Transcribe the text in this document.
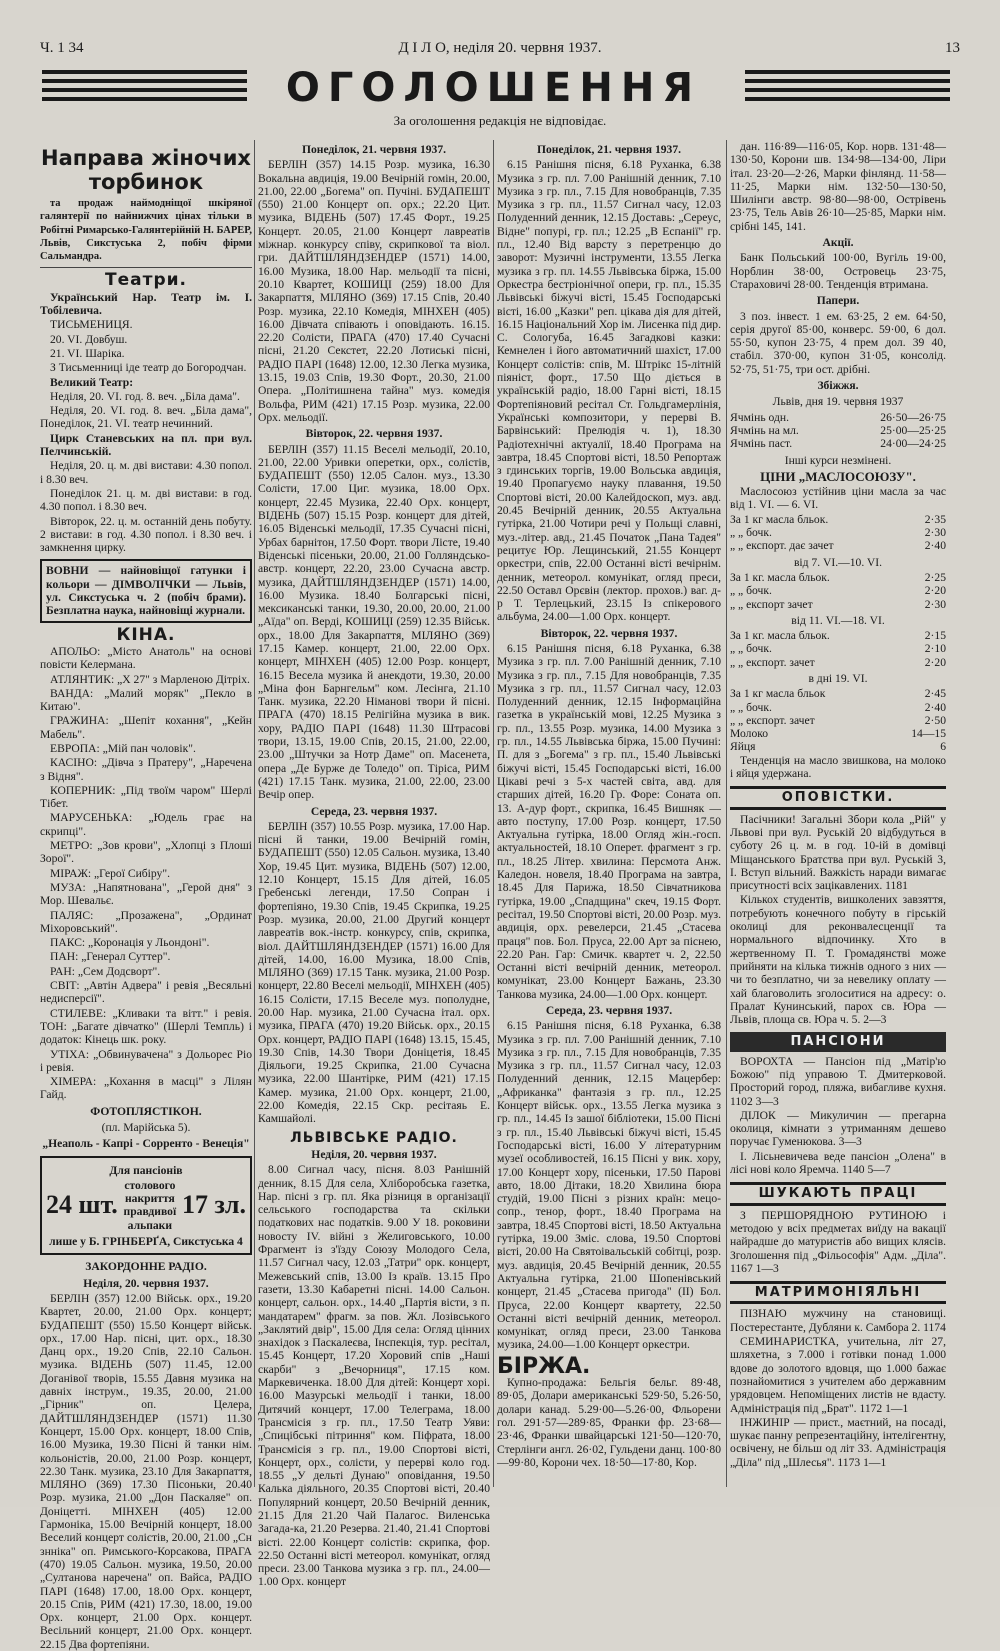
Ч. 1 34	Д І Л О, неділя 20. червня 1937.	13
ОГОЛОШЕННЯ
За оголошення редакція не відповідає.
Направа жіночих торбинок

та продаж наймодніщої шкіряної галянтерії по найнижчих цінах тільки в Робітні Римарсько-Галянтерійній Н. БАРЕР, Львів, Сикстуська 2, побіч фірми Сальмандра.

Театри.

Український Нар. Театр ім. І. Тобілевича.

ТИСЬМЕНИЦЯ.

20. VI. Довбуш.

21. VI. Шаріка.

З Тисьменниці іде театр до Богородчан.

Великий Театр:

Неділя, 20. VI. год. 8. веч. „Біла дама".

Неділя, 20. VI. год. 8. веч. „Біла дама", Понеділок, 21. VI. театр нечинний.

Цирк Станевських на пл. при вул. Пелчинській.

Неділя, 20. ц. м. дві вистави: 4.30 попол. і 8.30 веч.

Понеділок 21. ц. м. дві вистави: в год. 4.30 попол. і 8.30 веч.

Вівторок, 22. ц. м. останній день побуту. 2 вистави: в год. 4.30 попол. і 8.30 веч. і замкнення цирку.

ВОВНИ — найновіщої гатунки і кольори — ДІМВОЛІЧКИ — Львів, ул. Сикстуська ч. 2 (побіч брами). Безплатна наука, найновіщі журнали.
КІНА.

АПОЛЬО: „Місто Анатоль" на основі повісти Келермана.

АТЛЯНТИК: „Х 27" з Марленою Дітріх.

ВАНДА: „Малий моряк" „Пекло в Китаю".

ГРАЖИНА: „Шепіт кохання", „Кейн Мабель".

ЕВРОПА: „Мій пан чоловік".

КАСІНО: „Дівча з Пратеру", „Наречена з Відня".

КОПЕРНИК: „Під твоїм чаром" Шерлі Тібет.

МАРУСЕНЬКА: „Юдель грає на скрипці".

МЕТРО: „Зов крови", „Хлопці з Плоші Зорої".

МІРАЖ: „Герої Сибіру".

МУЗА: „Напятнована", „Герой дня" з Мор. Шевальє.

ПАЛЯС: „Прозажена", „Ординат Міхоровський".

ПАКС: „Коронація у Льондоні".

ПАН: „Генерал Суттер".

РАН: „Сем Додсворт".

СВІТ: „Автін Адвера" і ревія „Весяльні недисперсії".

СТИЛЕВЕ: „Кливаки та вітт." і ревія. ТОН: „Багате дівчатко" (Шерлі Темпль) і додаток: Кінець шк. року.

УТІХА: „Обвинувачена" з Дольорес Ріо і ревія.

ХІМЕРА: „Кохання в масці" з Лілян Гайд.

ФОТОПЛЯСТІКОН.
(пл. Марійська 5).
„Неаполь - Капрі - Сорренто - Венеція"
Для пансіонів
24 шт.
столового накриття правдивої альпаки
17 зл.
лише у Б. ГРІНБЕРҐА, Сикстуська 4
ЗАКОРДОННЕ РАДІО.
Неділя, 20. червня 1937.

БЕРЛІН (357) 12.00 Військ. орх., 19.20 Квартет, 20.00, 21.00 Орх. концерт; БУДАПЕШТ (550) 15.50 Концерт військ. орх., 17.00 Нар. пісні, цит. орх., 18.30 Данц орх., 19.20 Спів, 22.10 Сальон. музика. ВІДЕНЬ (507) 11.45, 12.00 Доганівої творів, 15.55 Давня музика на давніх інструм., 19.35, 20.00, 21.00 „Гірник" оп. Целера, ДАЙТШЛЯНДЗЕНДЕР (1571) 11.30 Концерт, 15.00 Орх. концерт, 18.00 Спів, 16.00 Музика, 19.30 Пісні й танки нім. кольоністів, 20.00, 21.00 Розр. концерт, 22.30 Танк. музика, 23.10 Для Закарпаття, МІЛЯНО (369) 17.30 Пісоньки, 20.40 Розр. музика, 21.00 „Дон Паскаляе" оп. Доніцетті. МІНХЕН (405) 12.00 Гармоніка, 15.00 Вечірній концерт, 18.00 Веселий концерт солістів, 20.00, 21.00 „Сн знніка" оп. Римського-Корсакова, ПРАГА (470) 19.05 Сальон. музика, 19.50, 20.00 „Султанова наречена" оп. Вайса, РАДІО ПАРІ (1648) 17.00, 18.00 Орх. концерт, 20.15 Спів, РИМ (421) 17.30, 18.00, 19.00 Орх. концерт, 21.00 Орх. концерт. Весільний концерт, 21.00 Орх. концерт. 22.15 Два фортепіяни.

Понеділок, 21. червня 1937.

БЕРЛІН (357) 14.15 Розр. музика, 16.30 Вокальна авдиція, 19.00 Вечірній гомін, 20.00, 21.00, 22.00 „Богема" оп. Пучіні. БУДАПЕШТ (550) 21.00 Концерт оп. орх.; 22.20 Цит. музика, ВІДЕНЬ (507) 17.45 Форт., 19.25 Концерт. 20.05, 21.00 Концерт лавреатів міжнар. конкурсу співу, скрипкової та віол. гри. ДАЙТШЛЯНДЗЕНДЕР (1571) 14.00, 16.00 Музика, 18.00 Нар. мельодії та пісні, 20.10 Квартет, КОШИЦІ (259) 18.00 Для Закарпаття, МІЛЯНО (369) 17.15 Спів, 20.40 Розр. музика, 22.10 Комедія, МІНХЕН (405) 16.00 Дівчата співають і оповідають. 16.15. 22.20 Солісти, ПРАГА (470) 17.40 Сучасні пісні, 21.20 Секстет, 22.20 Лотиські пісні, РАДІО ПАРІ (1648) 12.00, 12.30 Легка музика, 13.15, 19.03 Спів, 19.30 Форт., 20.30, 21.00 Опера. „Політишнена тайна" муз. комедія Вольфа, РИМ (421) 17.15 Розр. музика, 22.00 Орх. мельодії.

Вівторок, 22. червня 1937.

БЕРЛІН (357) 11.15 Веселі мельодії, 20.10, 21.00, 22.00 Уривки оперетки, орх., солістів, БУДАПЕШТ (550) 12.05 Салон. муз., 13.30 Солісти, 17.00 Циг. музика, 18.00 Орх. концерт, 22.45 Музика, 22.40 Орх. концерт, ВІДЕНЬ (507) 15.15 Розр. концерт для дітей, 16.05 Віденські мельодії, 17.35 Сучасні пісні, Урбах барнітон, 17.50 Форт. твори Лісте, 19.40 Віденські пісеньки, 20.00, 21.00 Голляндсько-австр. концерт, 22.20, 23.00 Сучасна австр. музика, ДАЙТШЛЯНДЗЕНДЕР (1571) 14.00, 16.00 Музика. 18.40 Болгарські пісні, мексиканські танки, 19.30, 20.00, 20.00, 21.00 „Аїда" оп. Верді, КОШИЦІ (259) 12.35 Військ. орх., 18.00 Для Закарпаття, МІЛЯНО (369) 17.15 Камер. концерт, 21.00, 22.00 Орх. концерт, МІНХЕН (405) 12.00 Розр. концерт, 16.15 Весела музика й анекдоти, 19.30, 20.00 „Міна фон Барнгельм" ком. Лесінга, 21.10 Танк. музика, 22.20 Німанові твори й пісні. ПРАГА (470) 18.15 Релігійна музика в вик. хору, РАДІО ПАРІ (1648) 11.30 Штрасові твори, 13.15, 19.00 Спів, 20.15, 21.00, 22.00, 23.00 „Штучки за Нотр Даме" оп. Масенета, опера „Де Бурже де Толедо" оп. Тіріса, РИМ (421) 17.15 Танк. музика, 21.00, 22.00, 23.00 Вечір опер.

Середа, 23. червня 1937.

БЕРЛІН (357) 10.55 Розр. музика, 17.00 Нар. пісні й танки, 19.00 Вечірній гомін, БУДАПЕШТ (550) 12.05 Сальон. музика, 13.40 Хор, 19.45 Цит. музика, ВІДЕНЬ (507) 12.00, 12.10 Концерт, 15.15 Для дітей, 16.05 Гребенські легенди, 17.50 Сопран і фортепіяно, 19.30 Спів, 19.45 Скрипка, 19.25 Розр. музика, 20.00, 21.00 Другий концерт лавреатів вок.-інстр. конкурсу, спів, скрипка, віол. ДАЙТШЛЯНДЗЕНДЕР (1571) 16.00 Для дітей, 14.00, 16.00 Музика, 18.00 Спів, МІЛЯНО (369) 17.15 Танк. музика, 21.00 Розр. концерт, 22.80 Веселі мельодії, МІНХЕН (405) 16.15 Солісти, 17.15 Веселе муз. пополудне, 20.00 Нар. музика, 21.00 Сучасна італ. орх. музика, ПРАГА (470) 19.20 Військ. орх., 20.15 Орх. концерт, РАДІО ПАРІ (1648) 13.15, 15.45, 19.30 Спів, 14.30 Твори Доніцетія, 18.45 Діяльоги, 19.25 Скрипка, 21.00 Сучасна музика, 22.00 Шантірке, РИМ (421) 17.15 Камер. музика, 21.00 Орх. концерт, 21.00, 22.00 Комедія, 22.15 Скр. ресітаяь Е. Камшайолі.

ЛЬВІВСЬКЕ РАДІО.
Неділя, 20. червня 1937.

8.00 Сигнал часу, пісня. 8.03 Ранішній денник, 8.15 Для села, Хліборобська газетка, Нар. пісні з гр. пл. Яка різниця в організації сельського господарства та скільки податкових нас податків. 9.00 У 18. роковини новосту IV. війні з Желиговського, 10.00 Фрагмент із з'їзду Союзу Молодого Села, 11.57 Сигнал часу, 12.03 „Татри" орк. концерт, Межевський спів, 13.00 Із країв. 13.15 Про газети, 13.30 Кабаретні пісні. 14.00 Сальон. концерт, сальон. орх., 14.40 „Партія вісти, з п. мандатарем" фрагм. за пов. Жл. Лозівського „Заклятий двір", 15.00 Для села: Огляд цінних знахідок з Паскалеєва, Інспекція, тур. ресітал, 15.45 Концерт, 17.20 Хоровий спів „Наші скарби" з „Вечорниця", 17.15 ком. Маркевиченка. 18.00 Для дітей: Концерт хорі. 16.00 Мазурські мельодії і танки, 18.00 Дитячий концерт, 17.00 Телеграма, 18.00 Трансмісія з гр. пл., 17.50 Театр Уяви: „Спицібські пітриння" ком. Піфрата, 18.00 Трансмісія з гр. пл., 19.00 Спортові вісті, Концерт, орх., солісти, у перерві коло год. 18.55 „У дельті Дунаю" оповідання, 19.50 Калька діяльного, 20.35 Спортові вісті, 20.40 Популярний концерт, 20.50 Вечірній денник, 21.15 Для 21.20 Чай Палагос. Виленська Загада-ка, 21.20 Резерва. 21.40, 21.41 Спортові вісті. 22.00 Концерт солістів: скрипка, фор. 22.50 Останні вісті метеорол. комунікат, огляд преси. 23.00 Танкова музика з гр. пл., 24.00—1.00 Орх. концерт

Понеділок, 21. червня 1937.

6.15 Ранішня пісня, 6.18 Руханка, 6.38 Музика з гр. пл. 7.00 Ранішній денник, 7.10 Музика з гр. пл., 7.15 Для новобранців, 7.35 Музика з гр. пл., 11.57 Сигнал часу, 12.03 Полуденний денник, 12.15 Доставь: „Сереус, Відне" попурі, гр. пл.; 12.25 „В Еспанії" гр. пл., 12.40 Від варсту з перетренцю до заворот: Музичні інструменти, 13.55 Легка музика з гр. пл. 14.55 Львівська біржа, 15.00 Оркестра бестріонічної опери, гр. пл., 15.35 Львівські біжучі вісті, 15.45 Господарські вісті, 16.00 „Казки" реп. цікава дія для дітей, 16.15 Національний Хор ім. Лисенка під дир. С. Сологуба, 16.45 Загадкові казки: Кемнелен і його автоматичний шахіст, 17.00 Концерт солістів: спів, М. Штрікс 15-літній піяніст, форт., 17.50 Що діється в українській радіо, 18.00 Гарні вісті, 18.15 Фортепіяновий ресітал Ст. Гольдгамерлінія, Українські композитори, у перерві В. Барвінський: Прелюдія ч. 1), 18.30 Радіотехнічні актуалії, 18.40 Програма на завтра, 18.45 Спортові вісті, 18.50 Репортаж з гдинських торгів, 19.00 Вольська авдиція, 19.40 Пропагуємо науку плавання, 19.50 Спортові вісті, 20.00 Калейдоскоп, муз. авд. 20.45 Вечірній денник, 20.55 Актуальна гутірка, 21.00 Чотири речі у Польщі славні, муз.-літер. авд., 21.45 Початок „Пана Тадея" рецитує Юр. Лещинський, 21.55 Концерт оркестри, спів, 22.00 Останні вісті вечірнім. денник, метеорол. комунікат, огляд преси, 22.50 Оставл Орєвін (лектор. прохов.) ваг. д-р Т. Терлецький, 23.15 Із спікерового альбума, 24.00—1.00 Орх. концерт.

Вівторок, 22. червня 1937.

6.15 Ранішня пісня, 6.18 Руханка, 6.38 Музика з гр. пл. 7.00 Ранішній денник, 7.10 Музика з гр. пл., 7.15 Для новобранців, 7.35 Музика з гр. пл., 11.57 Сигнал часу, 12.03 Полуденний денник, 12.15 Інформаційна газетка в українській мові, 12.25 Музика з гр. пл., 13.55 Розр. музика, 14.00 Музика з гр. пл., 14.55 Львівська біржа, 15.00 Пучині: П. для з „Богема" з гр. пл., 15.40 Львівські біжучі вісті, 15.45 Господарські вісті, 16.00 Цікаві речі з 5-х частей світа, авд. для старших дітей, 16.20 Гр. Форе: Соната оп. 13. А-дур форт., скрипка, 16.45 Вишняк — авто поступу, 17.00 Розр. концерт, 17.50 Актуальна гутірка, 18.00 Огляд жін.-госп. актуальностей, 18.10 Оперет. фрагмент з гр. пл., 18.25 Літер. хвилина: Персмота Анж. Каледон. новеля, 18.40 Програма на завтра, 18.45 Для Парижа, 18.50 Сівчатникова гутірка, 19.00 „Спадщина" скеч, 19.15 Форт. ресітал, 19.50 Спортові вісті, 20.00 Розр. муз. авдиція, орх. ревелерси, 21.45 „Стасева праця" пов. Бол. Пруса, 22.00 Арт за піснею, 22.20 Ран. Гар: Смичк. квартет ч. 2, 22.50 Останні вісті вечірній денник, метеорол. комунікат, 23.00 Концерт Бажань, 23.30 Танкова музика, 24.00—1.00 Орх. концерт.

Середа, 23. червня 1937.

6.15 Ранішня пісня, 6.18 Руханка, 6.38 Музика з гр. пл. 7.00 Ранішній денник, 7.10 Музика з гр. пл., 7.15 Для новобранців, 7.35 Музика з гр. пл., 11.57 Сигнал часу, 12.03 Полуденний денник, 12.15 Мацербер: „Африканка" фантазія з гр. пл., 12.25 Концерт військ. орх., 13.55 Легка музика з гр. пл., 14.45 Із зашої бібліотеки, 15.00 Пісні з гр. пл., 15.40 Львівські біжучі вісті, 15.45 Господарські вісті, 16.00 У літературним музеї особливостей, 16.15 Пісні у вик. хору, 17.00 Концерт хору, пісеньки, 17.50 Парові авто, 18.00 Дітаки, 18.20 Хвилина бюра студій, 19.00 Пісні з різних країн: мецо-сопр., тенор, форт., 18.40 Програма на завтра, 18.45 Спортові вісті, 18.50 Актуальна гутірка, 19.00 Зміс. слова, 19.50 Спортові вісті, 20.00 На Святоівальській собітці, розр. муз. авдиція, 20.45 Вечірній денник, 20.55 Актуальна гутірка, 21.00 Шопенівський концерт, 21.45 „Стасева пригода" (II) Бол. Пруса, 22.00 Концерт квартету, 22.50 Останні вісті вечірній денник, метеорол. комунікат, огляд преси, 23.00 Танкова музика, 24.00—1.00 Концерт оркестри.

БІРЖА.

Купно-продажа: Бельгія бельг. 89·48, 89·05, Долари американські 529·50, 5.26·50, долари канад. 5.29·00—5.26·00, Фльорени гол. 291·57—289·85, Франки фр. 23·68—23·46, Франки швайцарські 121·50—120·70, Стерлінги англ. 26·02, Гульдени данц. 100·80—99·80, Корони чех. 18·50—17·80, Кор.

дан. 116·89—116·05, Кор. норв. 131·48—130·50, Корони шв. 134·98—134·00, Ліри італ. 23·20—2·26, Марки фінлянд. 11·58—11·25, Марки нім. 132·50—130·50, Шилінги австр. 98·80—98·00, Острівень 23·75, Тель Авів 26·10—25·85, Марки нім. срібні 145, 141.

Акції.

Банк Польський 100·00, Вугіль 19·00, Норблин 38·00, Островець 23·75, Стараховичі 28·00. Тенденція втримана.

Папери.

3 поз. інвест. 1 ем. 63·25, 2 ем. 64·50, серія другої 85·00, конверс. 59·00, 6 дол. 55·50, купон 23·75, 4 прем дол. 39 40, стабіл. 370·00, купон 31·05, консолід. 52·75, 51·75, три ост. дрібні.

Збіжжя.
Львів, дня 19. червня 1937
Ячмінь одн.	26·50—26·75
Ячмінь на мл.	25·00—25·25
Ячмінь паст.	24·00—24·25
Інші курси незмінені.
ЦІНИ „МАСЛОСОЮЗУ".

Маслосоюз устійнив ціни масла за час від 1. VI. — 6. VI.

За 1 кг масла бльок.	2·35
„ „ бочк.	2·30
„ „ експорт. дає зачет	2·40
від 7. VI.—10. VI.
За 1 кг. масла бльок.	2·25
„ „ бочк.	2·20
„ „ експорт зачет	2·30
від 11. VI.—18. VI.
За 1 кг. масла бльок.	2·15
„ „ бочк.	2·10
„ „ експорт. зачет	2·20
в дні 19. VI.
За 1 кг масла бльок	2·45
„ „ бочк.	2·40
„ „ експорт. зачет	2·50
Молоко	14—15
Яйця	6

Тенденція на масло звишкова, на молоко і яйця удержана.

ОПОВІСТКИ.

Пасічники! Загальні Збори кола „Рій" у Львові при вул. Руській 20 відбудуться в суботу 26 ц. м. в год. 10-ій в домівці Міщанського Братства при вул. Руській 3, І. Вступ вільний. Важкість наради вимагає присутності всіх зацікавлених. 1181

Кількох студентів, вишколених завзяття, потребують конечного побуту в гірській околиці для реконвалесценції та нормального відпочинку. Хто в жертвенному П. Т. Громадянстві може прийняти на кілька тижнів одного з них — чи то безплатно, чи за невелику оплату — хай благоволить зголоситися на адресу: о. Пралат Кунинський, парох св. Юра — Львів, площа св. Юра ч. 5. 2—3

ПАНСІОНИ

ВОРОХТА — Пансіон під „Матір'ю Божою" під управою Т. Дмитерковой. Просторий город, пляжа, вибагливе кухня. 1102 3—3

ДІЛОК — Микуличин — прегарна околиця, кімнати з утриманням дешево поручає Гуменюкова. 3—3

І. Лісьневичева веде пансіон „Олена" в лісі нові коло Яремча. 1140 5—7

ШУКАЮТЬ ПРАЦІ

З ПЕРШОРЯДНОЮ РУТИНОЮ і методою у всіх предметах виїду на вакації найрадше до матуристів або вищих клясів. Зголошення під „Фільософія" Адм. „Діла". 1167 1—3

МАТРИМОНІЯЛЬНІ

ПІЗНАЮ мужчину на становищі. Постерестанте, Дубляни к. Самбора 2. 1174

СЕМИНАРИСТКА, учительна, літ 27, шляхетна, з 7.000 і готівки понад 1.000 вдове до золотого вдовця, що 1.000 бажає познайомитися з учителем або державним урядовцем. Непоміщених листів не вдасту. Адміністрація під „Брат". 1172 1—1

ІНЖИНІР — прист., маєтний, на посаді, шукає панну репрезентаційну, інтелігентну, освічену, не більш од літ 33. Адміністрація „Діла" під „Шлесья". 1173 1—1
